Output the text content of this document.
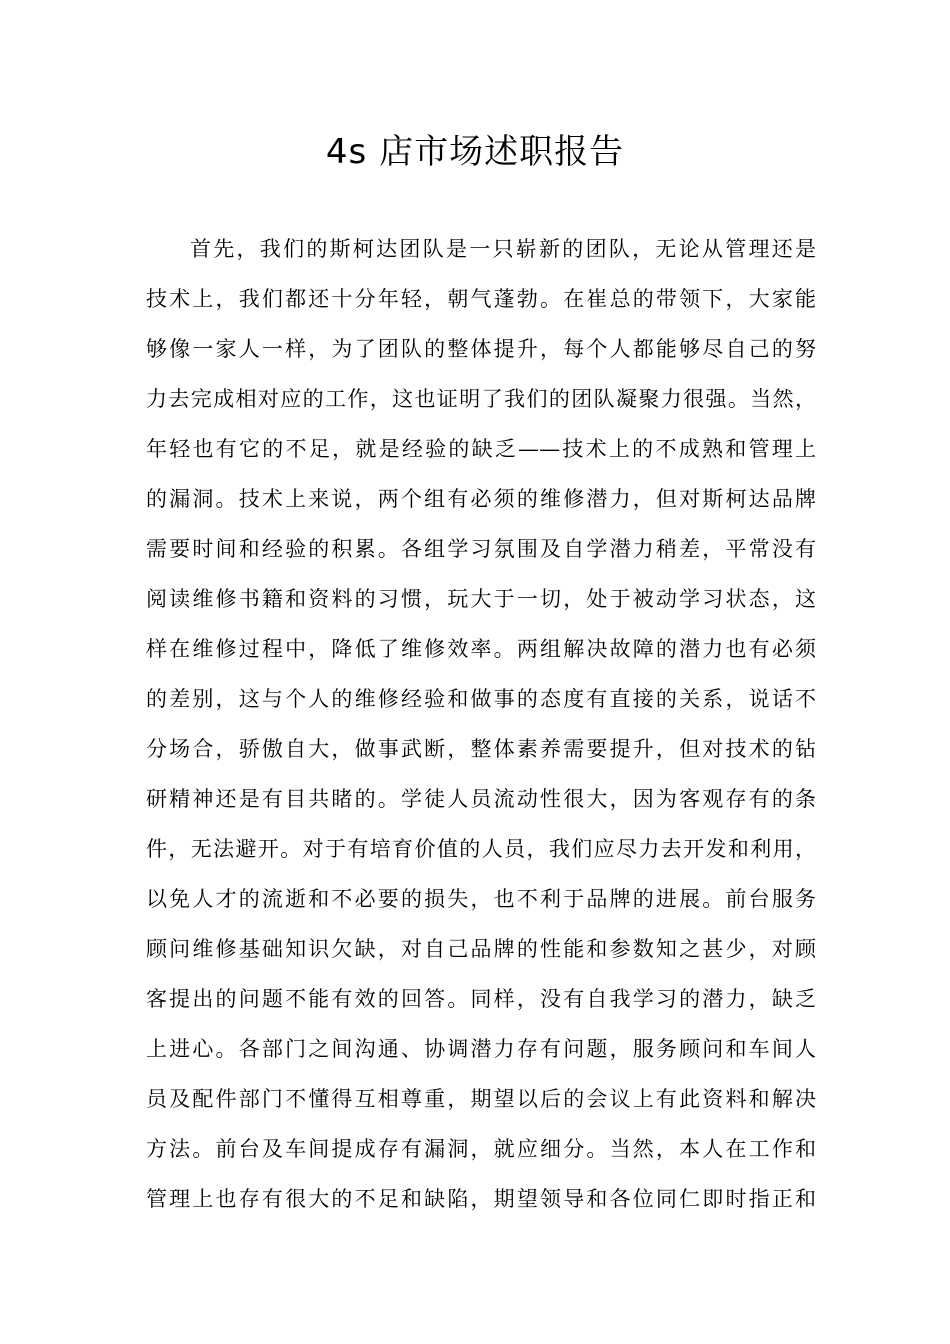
4s 店市场述职报告
首先，我们的斯柯达团队是一只崭新的团队，无论从管理还是
技术上，我们都还十分年轻，朝气蓬勃。在崔总的带领下，大家能
够像一家人一样，为了团队的整体提升，每个人都能够尽自己的努
力去完成相对应的工作，这也证明了我们的团队凝聚力很强。当然，
年轻也有它的不足，就是经验的缺乏——技术上的不成熟和管理上
的漏洞。技术上来说，两个组有必须的维修潜力，但对斯柯达品牌
需要时间和经验的积累。各组学习氛围及自学潜力稍差，平常没有
阅读维修书籍和资料的习惯，玩大于一切，处于被动学习状态，这
样在维修过程中，降低了维修效率。两组解决故障的潜力也有必须
的差别，这与个人的维修经验和做事的态度有直接的关系，说话不
分场合，骄傲自大，做事武断，整体素养需要提升，但对技术的钻
研精神还是有目共睹的。学徒人员流动性很大，因为客观存有的条
件，无法避开。对于有培育价值的人员，我们应尽力去开发和利用，
以免人才的流逝和不必要的损失，也不利于品牌的进展。前台服务
顾问维修基础知识欠缺，对自己品牌的性能和参数知之甚少，对顾
客提出的问题不能有效的回答。同样，没有自我学习的潜力，缺乏
上进心。各部门之间沟通、协调潜力存有问题，服务顾问和车间人
员及配件部门不懂得互相尊重，期望以后的会议上有此资料和解决
方法。前台及车间提成存有漏洞，就应细分。当然，本人在工作和
管理上也存有很大的不足和缺陷，期望领导和各位同仁即时指正和
